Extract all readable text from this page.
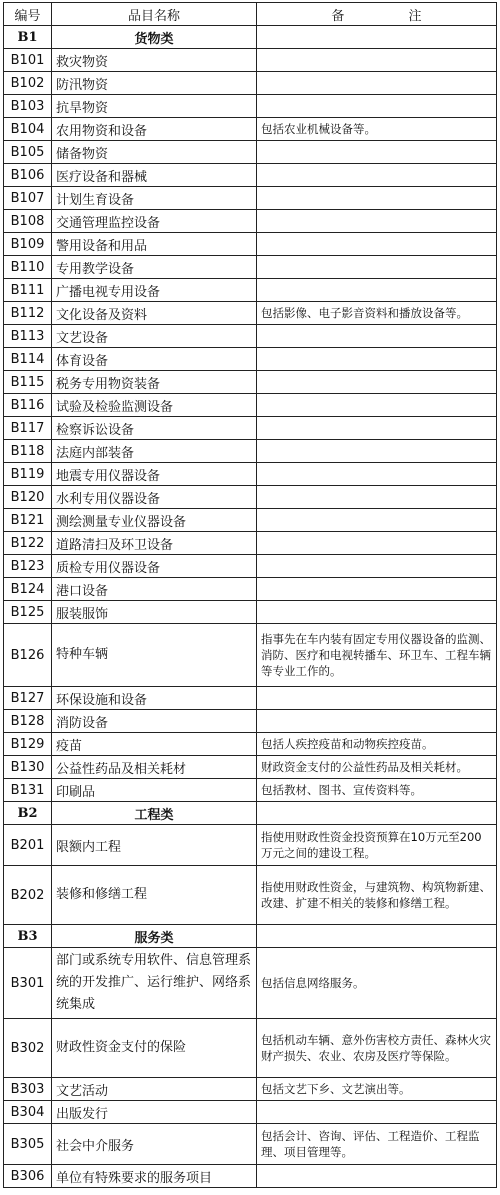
编号	品目名称	备 注
B1	货物类	
B101	救灾物资	
B102	防汛物资	
B103	抗旱物资	
B104	农用物资和设备	包括农业机械设备等。
B105	储备物资	
B106	医疗设备和器械	
B107	计划生育设备	
B108	交通管理监控设备	
B109	警用设备和用品	
B110	专用教学设备	
B111	广播电视专用设备	
B112	文化设备及资料	包括影像、电子影音资料和播放设备等。
B113	文艺设备	
B114	体育设备	
B115	税务专用物资装备	
B116	试验及检验监测设备	
B117	检察诉讼设备	
B118	法庭内部装备	
B119	地震专用仪器设备	
B120	水利专用仪器设备	
B121	测绘测量专业仪器设备	
B122	道路清扫及环卫设备	
B123	质检专用仪器设备	
B124	港口设备	
B125	服装服饰	
B126	特种车辆	指事先在车内装有固定专用仪器设备的监测、消防、医疗和电视转播车、环卫车、工程车辆等专业工作的。
B127	环保设施和设备	
B128	消防设备	
B129	疫苗	包括人疾控疫苗和动物疾控疫苗。
B130	公益性药品及相关耗材	财政资金支付的公益性药品及相关耗材。
B131	印刷品	包括教材、图书、宣传资料等。
B2	工程类	
B201	限额内工程	指使用财政性资金投资预算在10万元至200万元之间的建设工程。
B202	装修和修缮工程	指使用财政性资金，与建筑物、构筑物新建、改建、扩建不相关的装修和修缮工程。
B3	服务类	
B301	部门或系统专用软件、信息管理系统的开发推广、运行维护、网络系统集成	包括信息网络服务。
B302	财政性资金支付的保险	包括机动车辆、意外伤害校方责任、森林火灾财产损失、农业、农房及医疗等保险。
B303	文艺活动	包括文艺下乡、文艺演出等。
B304	出版发行	
B305	社会中介服务	包括会计、咨询、评估、工程造价、工程监理、项目管理等。
B306	单位有特殊要求的服务项目	
